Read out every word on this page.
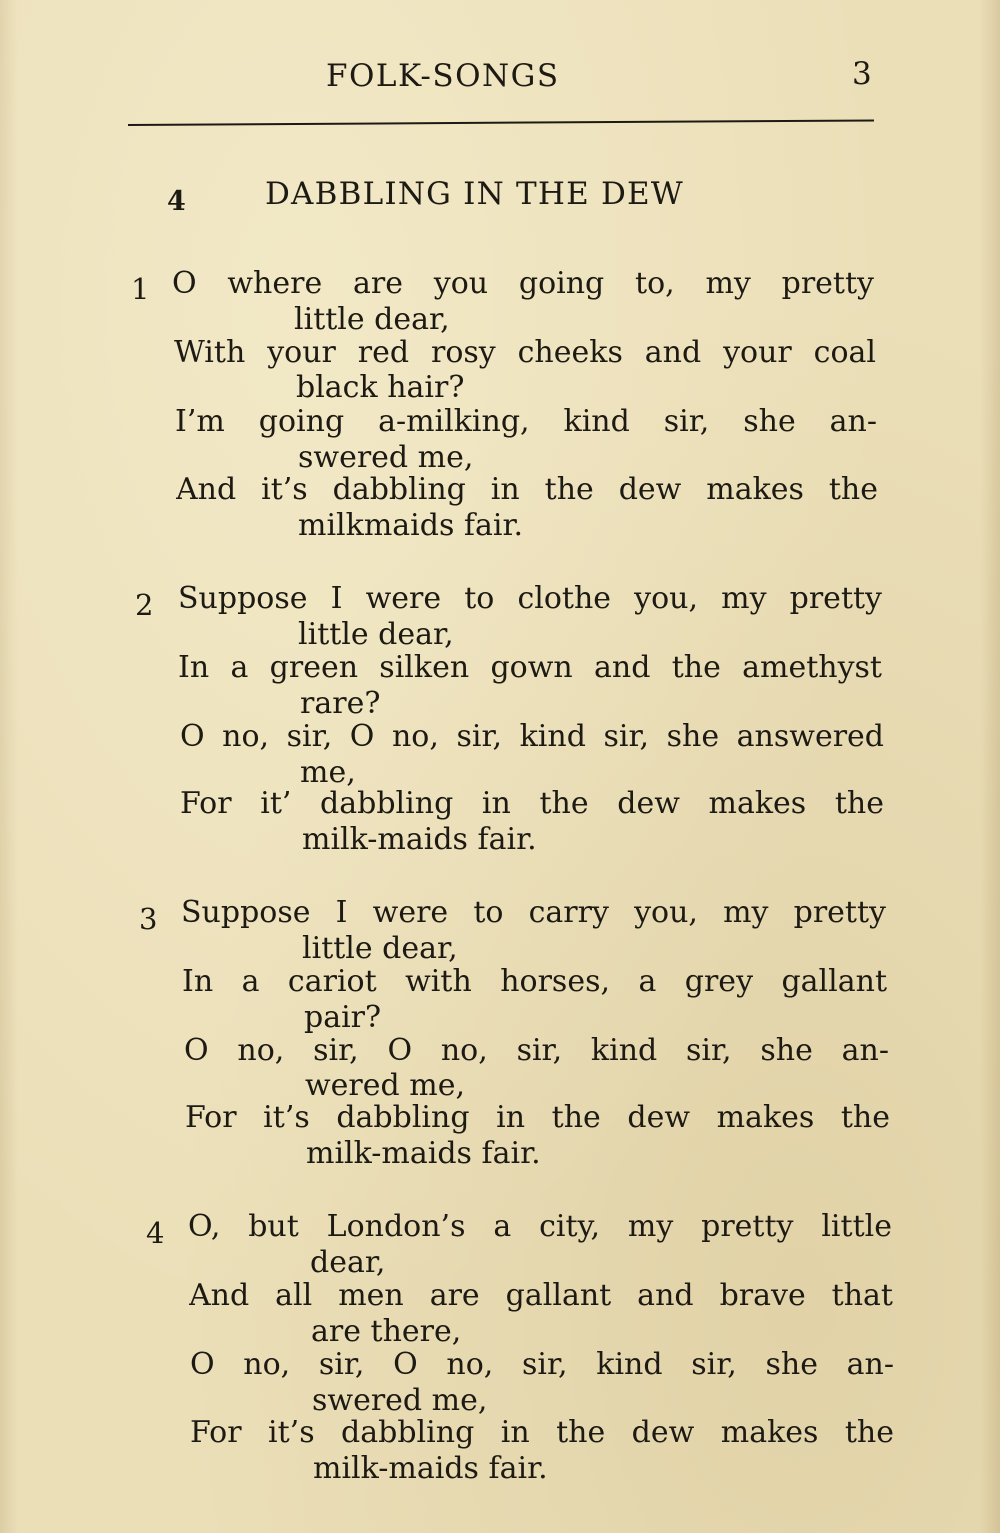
FOLK-SONGS	3
4	DABBLING IN THE DEW
1 O where are you going to, my pretty
little dear,
With your red rosy cheeks and your coal
black hair?
I’m going a-milking, kind sir, she an-
swered me,
And it’s dabbling in the dew makes the
milkmaids fair.
2 Suppose I were to clothe you, my pretty
little dear,
In a green silken gown and the amethyst
rare?
O no, sir, O no, sir, kind sir, she answered
me,
For it’ dabbling in the dew makes the
milk-maids fair.
3 Suppose I were to carry you, my pretty
little dear,
In a cariot with horses, a grey gallant
pair?
O no, sir, O no, sir, kind sir, she an-
wered me,
For it’s dabbling in the dew makes the
milk-maids fair.
4 O, but London’s a city, my pretty little
dear,
And all men are gallant and brave that
are there,
O no, sir, O no, sir, kind sir, she an-
swered me,
For it’s dabbling in the dew makes the
milk-maids fair.
